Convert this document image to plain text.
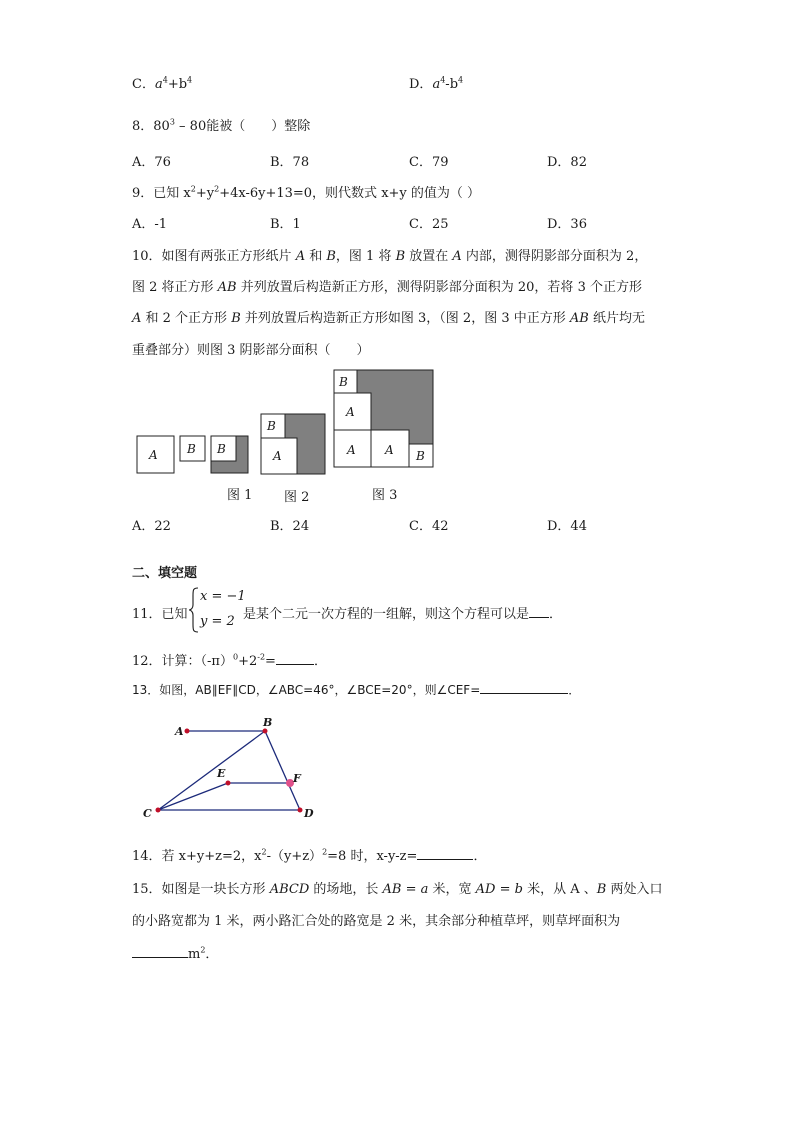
C．$a^4+b^4$	D．$a^4-b^4$
8．$80^3 - 80$能被（　　）整除
A．76	B．78	C．79	D．82
9．已知 $x^2+y^2+4x-6y+13=0$，则代数式 x+y 的值为（ ）
A．-1	B．1	C．25	D．36
10．如图有两张正方形纸片 A 和 B，图 1 将 B 放置在 A 内部，测得阴影部分面积为 2，
图 2 将正方形 AB 并列放置后构造新正方形，测得阴影部分面积为 20，若将 3 个正方形
A 和 2 个正方形 B 并列放置后构造新正方形如图 3，（图 2，图 3 中正方形 AB 纸片均无
重叠部分）则图 3 阴影部分面积（　　）
A B B
B
A
B
A
A A B
图 1 图 2	图 3
A．22	B．24	C．42	D．44
二、填空题
11．已知
x = −1
y = 2 是某个二元一次方程的一组解，则这个方程可以是 ．
12．计算：$(-\pi)^0+2^{-2}=$	．
13．如图，AB∥EF∥CD，∠ABC=46°，∠BCE=20°，则∠CEF=	．
A
B
C	D
E	F
14．若 x+y+z=2，$x^2-(y+z)^2=8$ 时，x-y-z=	．
15．如图是一块长方形 ABCD 的场地，长 AB = a 米，宽 AD = b 米，从 A 、B 两处入口
的小路宽都为 1 米，两小路汇合处的路宽是 2 米，其余部分种植草坪，则草坪面积为
$m^2$．
